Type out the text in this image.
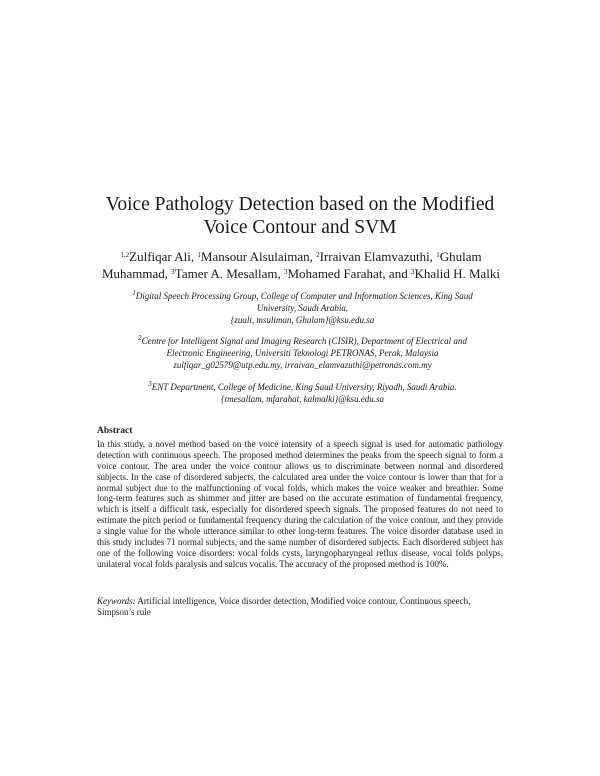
Voice Pathology Detection based on the Modified
Voice Contour and SVM
$^{1,2}$Zulfiqar Ali, $^1$Mansour Alsulaiman, $^2$Irraivan Elamvazuthi, $^1$Ghulam Muhammad, $^3$Tamer A. Mesallam, $^3$Mohamed Farahat, and $^3$Khalid H. Malki
$^1$Digital Speech Processing Group, College of Computer and Information Sciences, King Saud
University, Saudi Arabia.
{zuali, msuliman, Ghulam}@ksu.edu.sa
$^2$Centre for Intelligent Signal and Imaging Research (CISIR), Department of Electrical and
Electronic Engineering, Universiti Teknologi PETRONAS, Perak, Malaysia
zulfiqar_g02579@utp.edu.my, irraivan_elamvazuthi@petronas.com.my
$^3$ENT Department, College of Medicine, King Saud University, Riyadh, Saudi Arabia.
{tmesallam, mfarahat, kalmalki}@ksu.edu.sa
Abstract
In this study, a novel method based on the voice intensity of a speech signal is used for automatic pathology detection with continuous speech. The proposed method determines the peaks from the speech signal to form a voice contour. The area under the voice contour allows us to discriminate between normal and disordered subjects. In the case of disordered subjects, the calculated area under the voice contour is lower than that for a normal subject due to the malfunctioning of vocal folds, which makes the voice weaker and breathier. Some long-term features such as shimmer and jitter are based on the accurate estimation of fundamental frequency, which is itself a difficult task, especially for disordered speech signals. The proposed features do not need to estimate the pitch period or fundamental frequency during the calculation of the voice contour, and they provide a single value for the whole utterance similar to other long-term features. The voice disorder database used in this study includes 71 normal subjects, and the same number of disordered subjects. Each disordered subject has one of the following voice disorders: vocal folds cysts, laryngopharyngeal reflux disease, vocal folds polyps, unilateral vocal folds paralysis and sulcus vocalis. The accuracy of the proposed method is 100%.
Keywords: Artificial intelligence, Voice disorder detection, Modified voice contour, Continuous speech, Simpson’s rule
